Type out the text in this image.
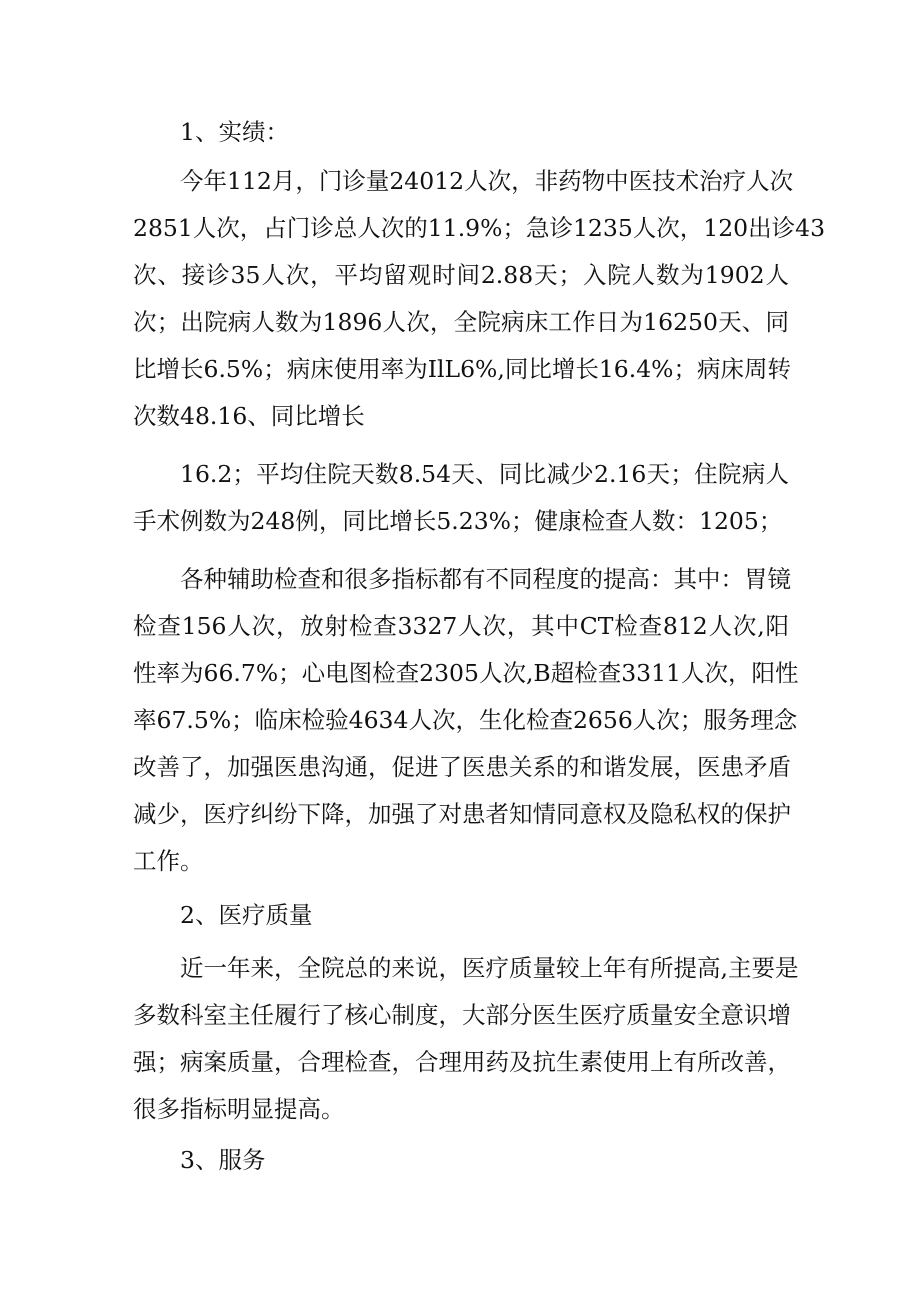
1、实绩：
今年112月，门诊量24012人次，非药物中医技术治疗人次
2851人次，占门诊总人次的11.9%；急诊1235人次，120出诊43
次、接诊35人次，平均留观时间2.88天；入院人数为1902人
次；出院病人数为1896人次，全院病床工作日为16250天、同
比增长6.5%；病床使用率为IlL6%,同比增长16.4%；病床周转
次数48.16、同比增长
16.2；平均住院天数8.54天、同比减少2.16天；住院病人
手术例数为248例，同比增长5.23%；健康检查人数：1205；
各种辅助检查和很多指标都有不同程度的提高：其中：胃镜
检查156人次，放射检查3327人次，其中CT检查812人次,阳
性率为66.7%；心电图检查2305人次,B超检查3311人次，阳性
率67.5%；临床检验4634人次，生化检查2656人次；服务理念
改善了，加强医患沟通，促进了医患关系的和谐发展，医患矛盾
减少，医疗纠纷下降，加强了对患者知情同意权及隐私权的保护
工作。
2、医疗质量
近一年来，全院总的来说，医疗质量较上年有所提高,主要是
多数科室主任履行了核心制度，大部分医生医疗质量安全意识增
强；病案质量，合理检查，合理用药及抗生素使用上有所改善，
很多指标明显提高。
3、服务
